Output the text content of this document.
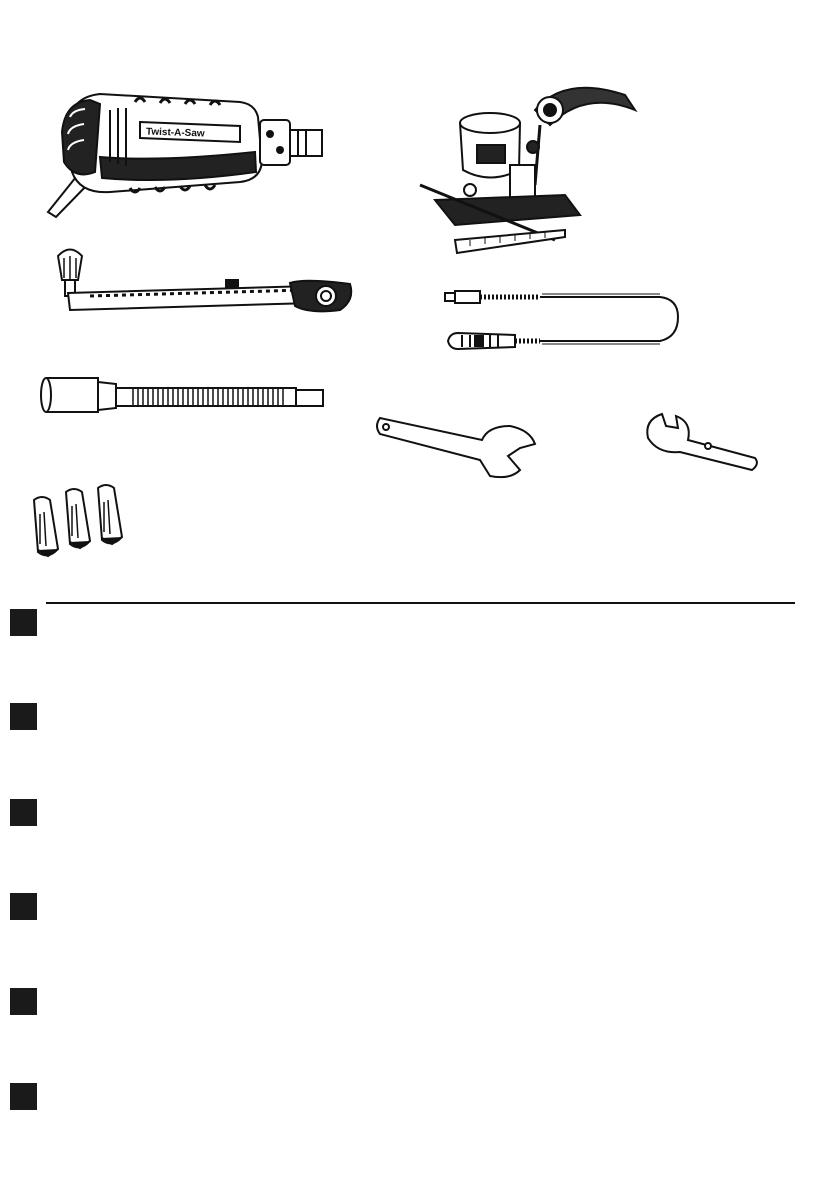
Twist-A-Saw
